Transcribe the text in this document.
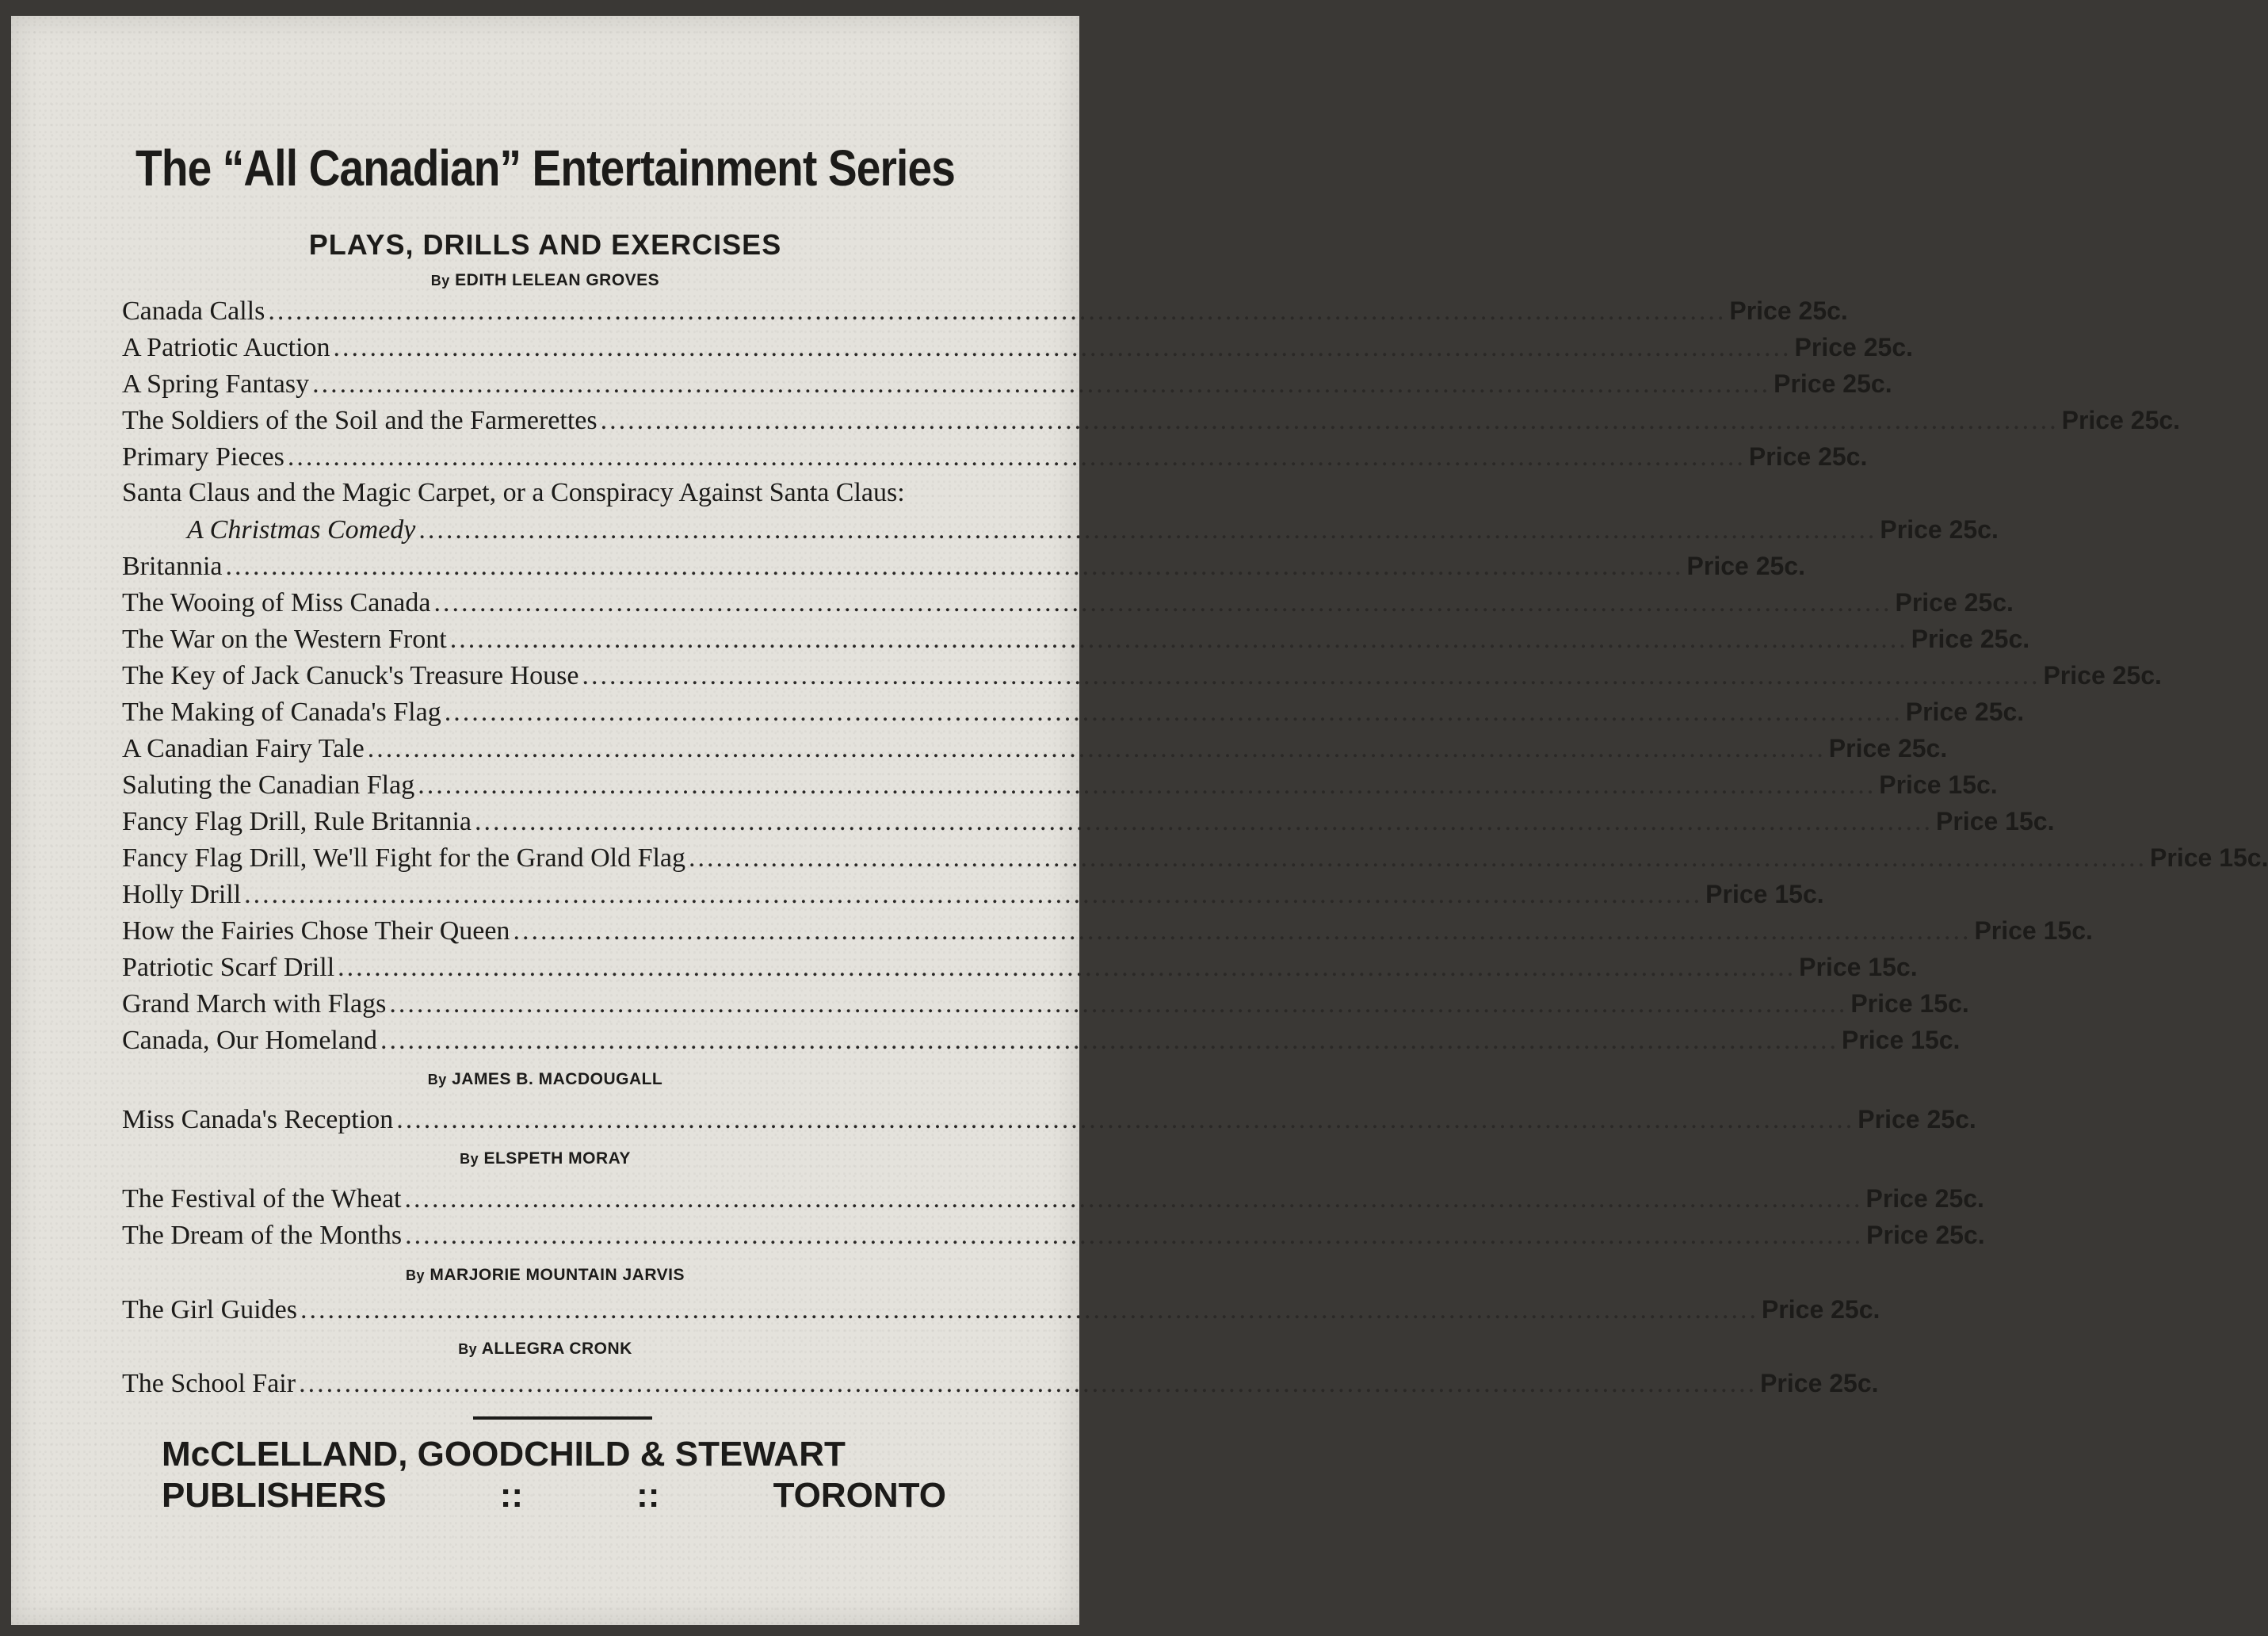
The “All Canadian” Entertainment Series
PLAYS, DRILLS AND EXERCISES
By EDITH LELEAN GROVES
Canada Calls ................................................................................................................................................................ Price 25c.
A Patriotic Auction ................................................................................................................................................................ Price 25c.
A Spring Fantasy ................................................................................................................................................................ Price 25c.
The Soldiers of the Soil and the Farmerettes ................................................................................................................................................................ Price 25c.
Primary Pieces ................................................................................................................................................................ Price 25c.
Santa Claus and the Magic Carpet, or a Conspiracy Against Santa Claus:
A Christmas Comedy ................................................................................................................................................................ Price 25c.
Britannia ................................................................................................................................................................ Price 25c.
The Wooing of Miss Canada ................................................................................................................................................................ Price 25c.
The War on the Western Front ................................................................................................................................................................ Price 25c.
The Key of Jack Canuck's Treasure House ................................................................................................................................................................ Price 25c.
The Making of Canada's Flag ................................................................................................................................................................ Price 25c.
A Canadian Fairy Tale ................................................................................................................................................................ Price 25c.
Saluting the Canadian Flag ................................................................................................................................................................ Price 15c.
Fancy Flag Drill, Rule Britannia ................................................................................................................................................................ Price 15c.
Fancy Flag Drill, We'll Fight for the Grand Old Flag ................................................................................................................................................................ Price 15c.
Holly Drill ................................................................................................................................................................ Price 15c.
How the Fairies Chose Their Queen ................................................................................................................................................................ Price 15c.
Patriotic Scarf Drill ................................................................................................................................................................ Price 15c.
Grand March with Flags ................................................................................................................................................................ Price 15c.
Canada, Our Homeland ................................................................................................................................................................ Price 15c.
Miss Canada's Reception ................................................................................................................................................................ Price 25c.
The Festival of the Wheat ................................................................................................................................................................ Price 25c.
The Dream of the Months ................................................................................................................................................................ Price 25c.
The Girl Guides ................................................................................................................................................................ Price 25c.
The School Fair ................................................................................................................................................................ Price 25c.
By JAMES B. MACDOUGALL
By ELSPETH MORAY
By MARJORIE MOUNTAIN JARVIS
By ALLEGRA CRONK
McCLELLAND, GOODCHILD & STEWART
PUBLISHERS	::	::	TORONTO
